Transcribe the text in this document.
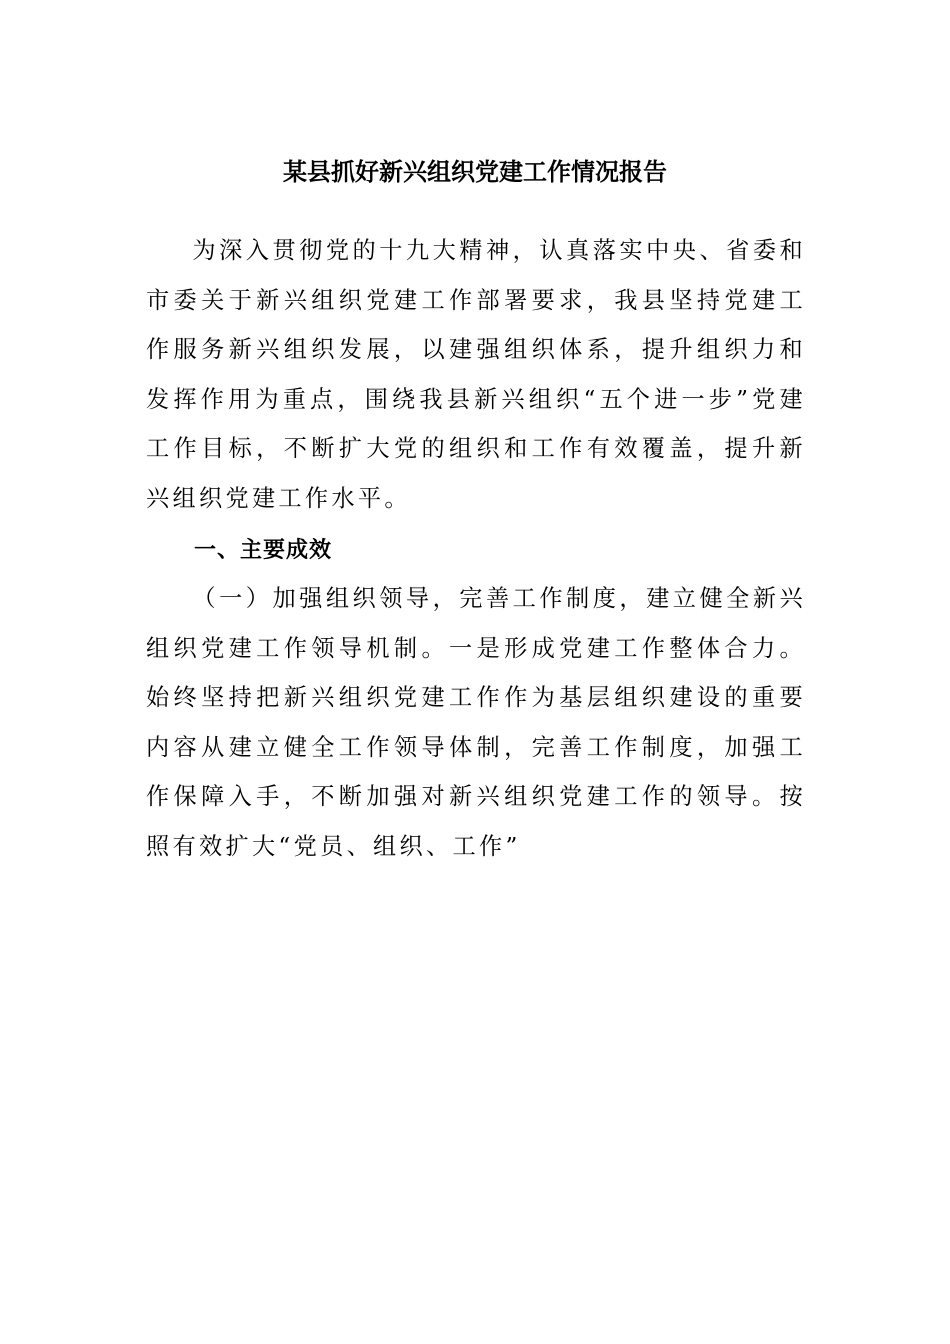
某县抓好新兴组织党建工作情况报告

为深入贯彻党的十九大精神，认真落实中央、省委和市委关于新兴组织党建工作部署要求，我县坚持党建工作服务新兴组织发展，以建强组织体系，提升组织力和发挥作用为重点，围绕我县新兴组织“五个进一步”党建工作目标，不断扩大党的组织和工作有效覆盖，提升新兴组织党建工作水平。

一、主要成效

（一）加强组织领导，完善工作制度，建立健全新兴组织党建工作领导机制。一是形成党建工作整体合力。始终坚持把新兴组织党建工作作为基层组织建设的重要内容从建立健全工作领导体制，完善工作制度，加强工作保障入手，不断加强对新兴组织党建工作的领导。按照有效扩大“党员、组织、工作”
